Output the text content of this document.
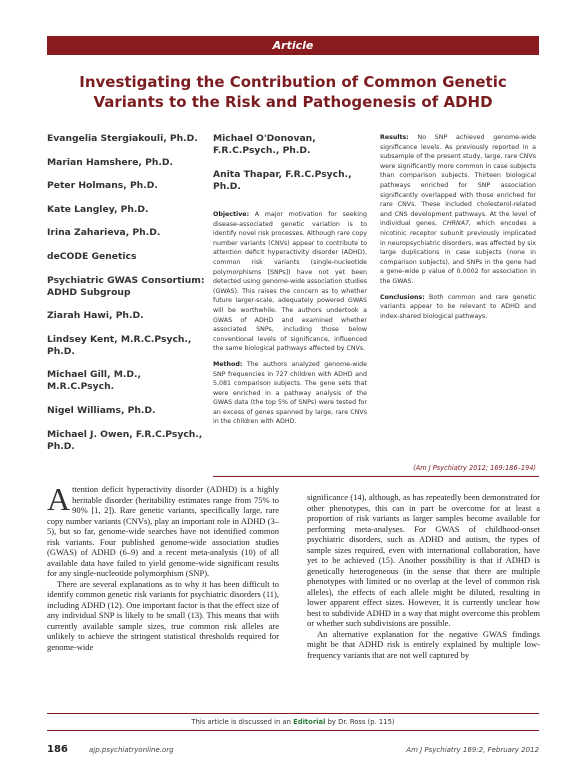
Article
Investigating the Contribution of Common Genetic
Variants to the Risk and Pathogenesis of ADHD
Evangelia Stergiakouli, Ph.D.
Marian Hamshere, Ph.D.
Peter Holmans, Ph.D.
Kate Langley, Ph.D.
Irina Zaharieva, Ph.D.
deCODE Genetics
Psychiatric GWAS Consortium: ADHD Subgroup
Ziarah Hawi, Ph.D.
Lindsey Kent, M.R.C.Psych., Ph.D.
Michael Gill, M.D., M.R.C.Psych.
Nigel Williams, Ph.D.
Michael J. Owen, F.R.C.Psych., Ph.D.
Michael O'Donovan, F.R.C.Psych., Ph.D.
Anita Thapar, F.R.C.Psych., Ph.D.

Objective: A major motivation for seeking disease-associated genetic variation is to identify novel risk processes. Although rare copy number variants (CNVs) appear to contribute to attention deficit hyperactivity disorder (ADHD), common risk variants (single-nucleotide polymorphisms [SNPs]) have not yet been detected using genome-wide association studies (GWAS). This raises the concern as to whether future larger-scale, adequately powered GWAS will be worthwhile. The authors undertook a GWAS of ADHD and examined whether associated SNPs, including those below conventional levels of significance, influenced the same biological pathways affected by CNVs.

Method: The authors analyzed genome-wide SNP frequencies in 727 children with ADHD and 5,081 comparison subjects. The gene sets that were enriched in a pathway analysis of the GWAS data (the top 5% of SNPs) were tested for an excess of genes spanned by large, rare CNVs in the children with ADHD.

Results: No SNP achieved genome-wide significance levels. As previously reported in a subsample of the present study, large, rare CNVs were significantly more common in case subjects than comparison subjects. Thirteen biological pathways enriched for SNP association significantly overlapped with those enriched for rare CNVs. These included cholesterol-related and CNS development pathways. At the level of individual genes, CHRNA7, which encodes a nicotinic receptor subunit previously implicated in neuropsychiatric disorders, was affected by six large duplications in case subjects (none in comparison subjects), and SNPs in the gene had a gene-wide p value of 0.0002 for association in the GWAS.

Conclusions: Both common and rare genetic variants appear to be relevant to ADHD and index-shared biological pathways.

(Am J Psychiatry 2012; 169:186–194)

Attention deficit hyperactivity disorder (ADHD) is a highly heritable disorder (heritability estimates range from 75% to 90% [1, 2]). Rare genetic variants, specifically large, rare copy number variants (CNVs), play an important role in ADHD (3–5), but so far, genome-wide searches have not identified common risk variants. Four published genome-wide association studies (GWAS) of ADHD (6–9) and a recent meta-analysis (10) of all available data have failed to yield genome-wide significant results for any single-nucleotide polymorphism (SNP).

There are several explanations as to why it has been difficult to identify common genetic risk variants for psychiatric disorders (11), including ADHD (12). One important factor is that the effect size of any individual SNP is likely to be small (13). This means that with currently available sample sizes, true common risk alleles are unlikely to achieve the stringent statistical thresholds required for genome-wide

significance (14), although, as has repeatedly been demonstrated for other phenotypes, this can in part be overcome for at least a proportion of risk variants as larger samples become available for performing meta-analyses. For GWAS of childhood-onset psychiatric disorders, such as ADHD and autism, the types of sample sizes required, even with international collaboration, have yet to be achieved (15). Another possibility is that if ADHD is genetically heterogeneous (in the sense that there are multiple phenotypes with limited or no overlap at the level of common risk alleles), the effects of each allele might be diluted, resulting in lower apparent effect sizes. However, it is currently unclear how best to subdivide ADHD in a way that might overcome this problem or whether such subdivisions are possible.

An alternative explanation for the negative GWAS findings might be that ADHD risk is entirely explained by multiple low-frequency variants that are not well captured by

This article is discussed in an Editorial by Dr. Ross (p. 115)
186	ajp.psychiatryonline.org	Am J Psychiatry 169:2, February 2012
